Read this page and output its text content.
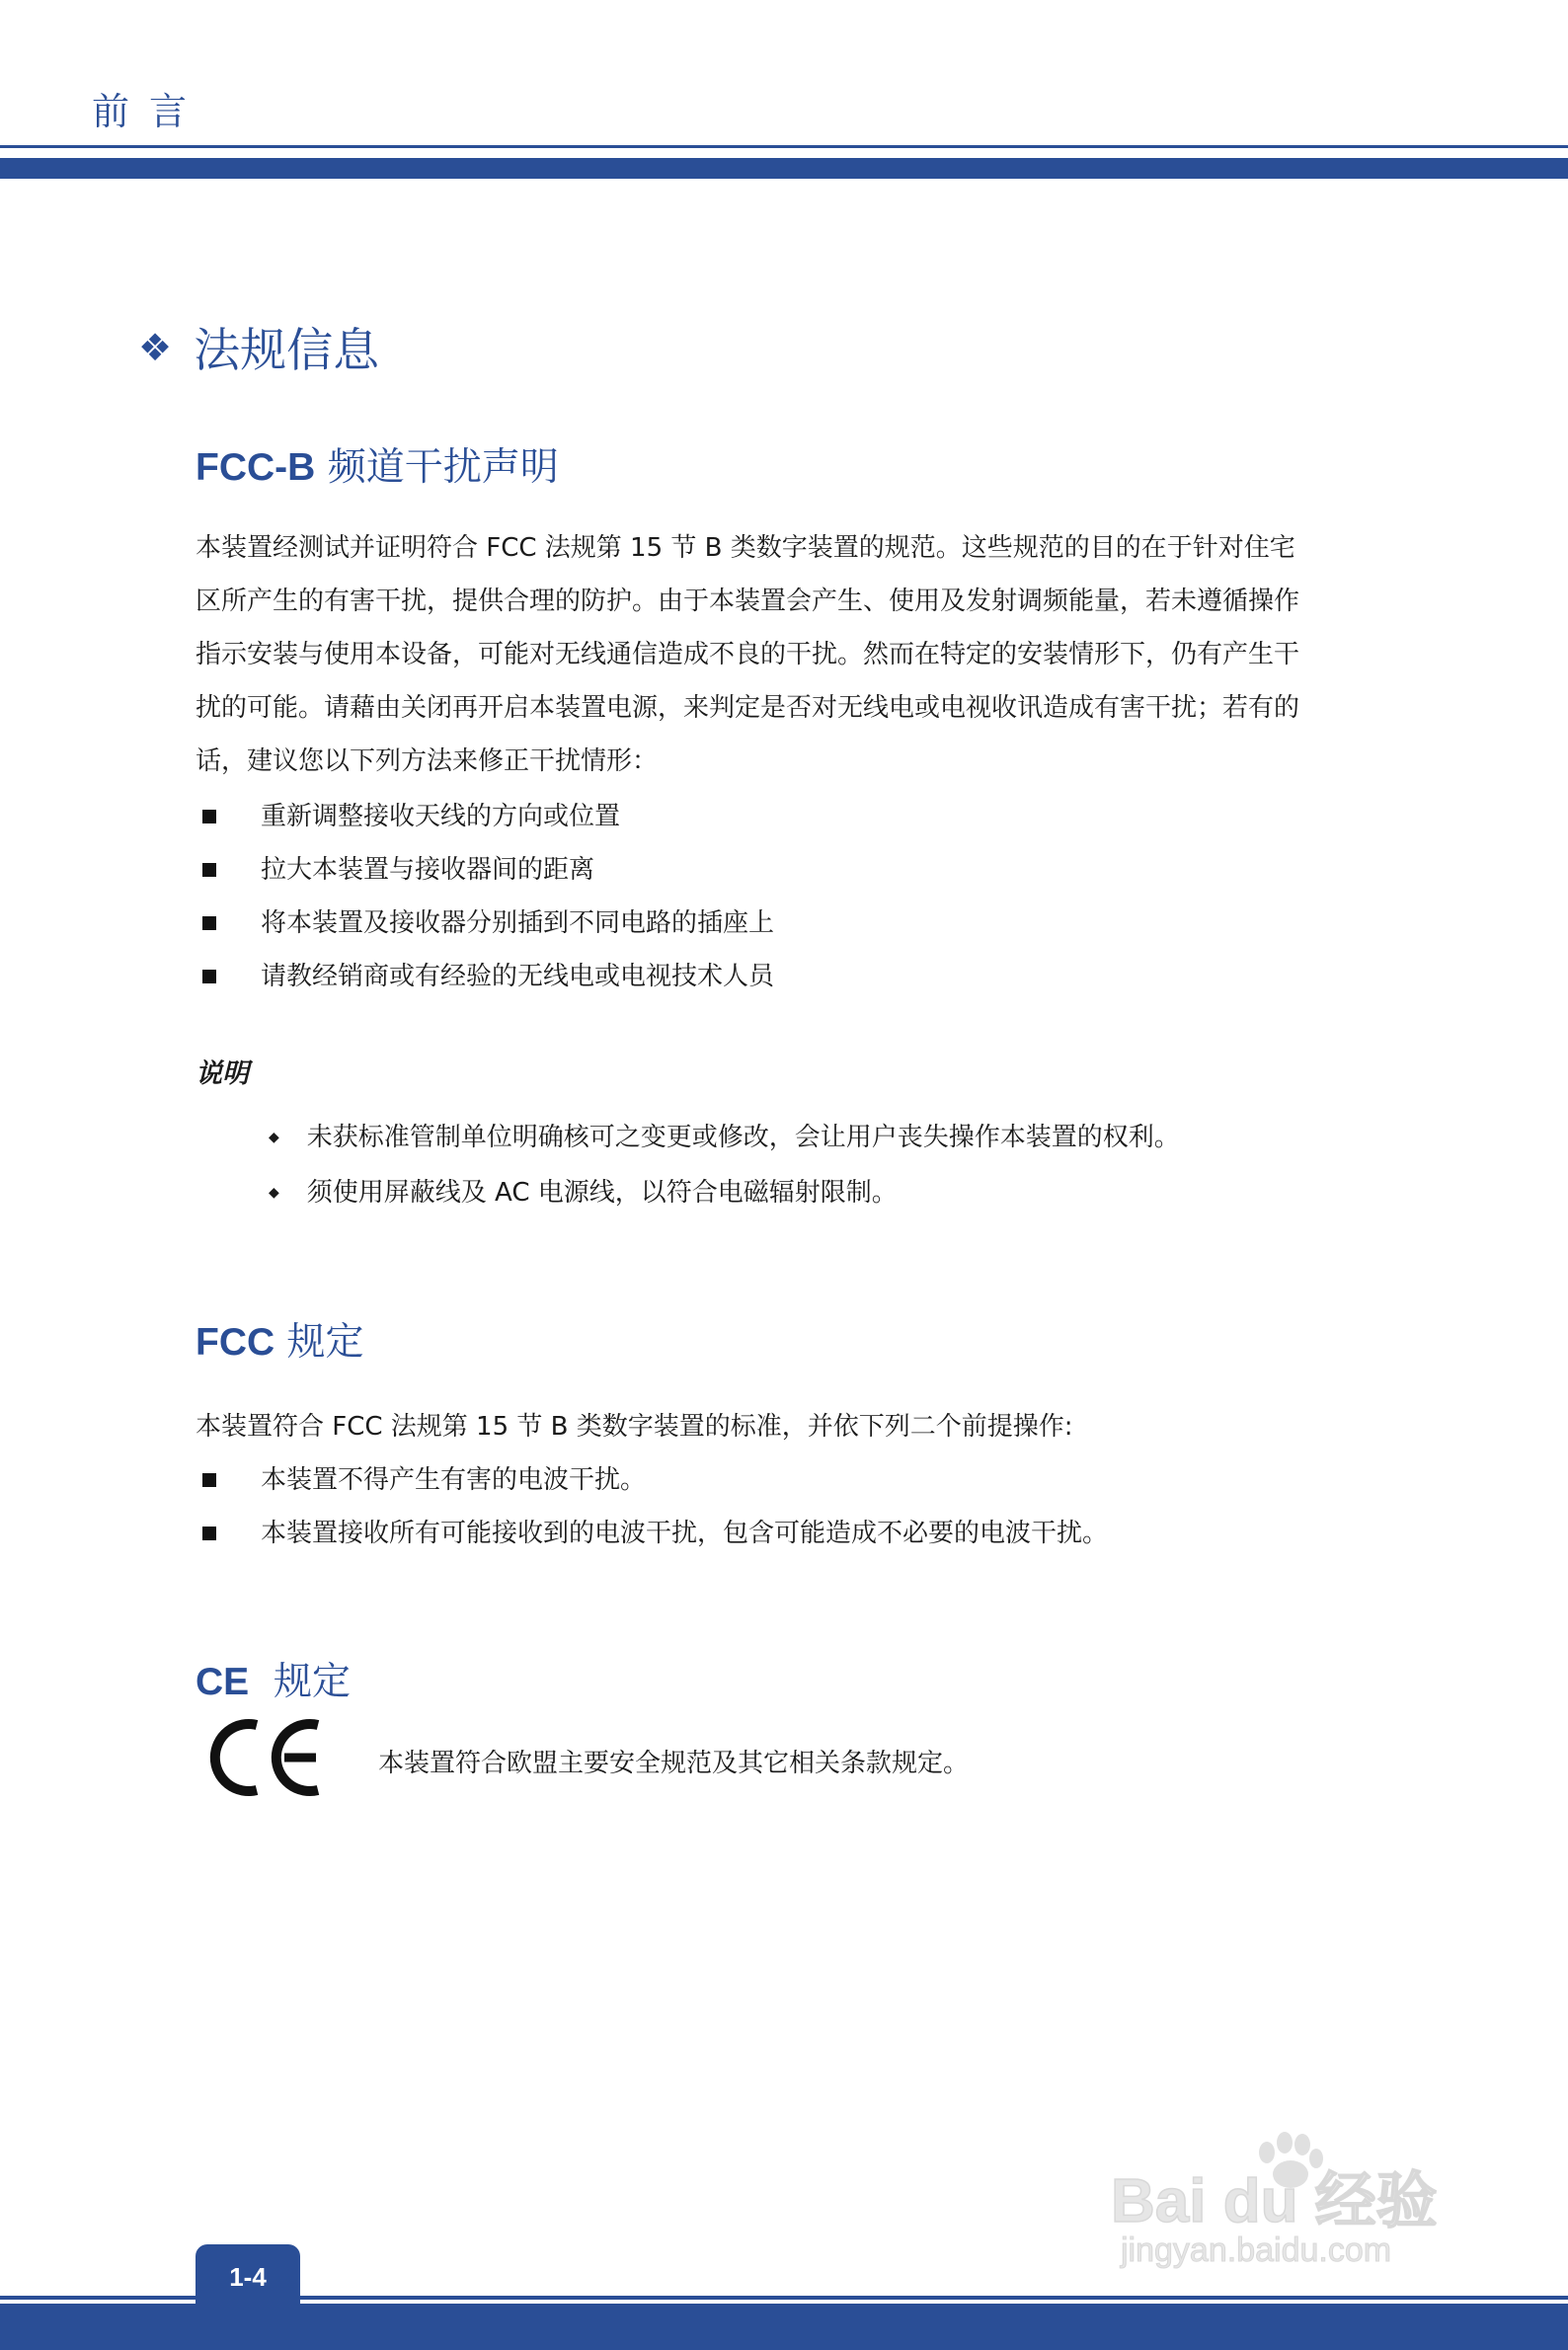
前言
❖ 法规信息
FCC-B 频道干扰声明
本装置经测试并证明符合 FCC 法规第 15 节 B 类数字装置的规范。这些规范的目的在于针对住宅
区所产生的有害干扰，提供合理的防护。由于本装置会产生、使用及发射调频能量，若未遵循操作
指示安装与使用本设备，可能对无线通信造成不良的干扰。然而在特定的安装情形下，仍有产生干
扰的可能。请藉由关闭再开启本装置电源，来判定是否对无线电或电视收讯造成有害干扰；若有的
话，建议您以下列方法来修正干扰情形：
重新调整接收天线的方向或位置
拉大本装置与接收器间的距离
将本装置及接收器分别插到不同电路的插座上
请教经销商或有经验的无线电或电视技术人员
说明
◆ 未获标准管制单位明确核可之变更或修改，会让用户丧失操作本装置的权利。
◆ 须使用屏蔽线及 AC 电源线，以符合电磁辐射限制。
FCC 规定
本装置符合 FCC 法规第 15 节 B 类数字装置的标准，并依下列二个前提操作:
本装置不得产生有害的电波干扰。
本装置接收所有可能接收到的电波干扰，包含可能造成不必要的电波干扰。
CE  规定
本装置符合欧盟主要安全规范及其它相关条款规定。
Bai du 经验
jingyan.baidu.com
1-4
